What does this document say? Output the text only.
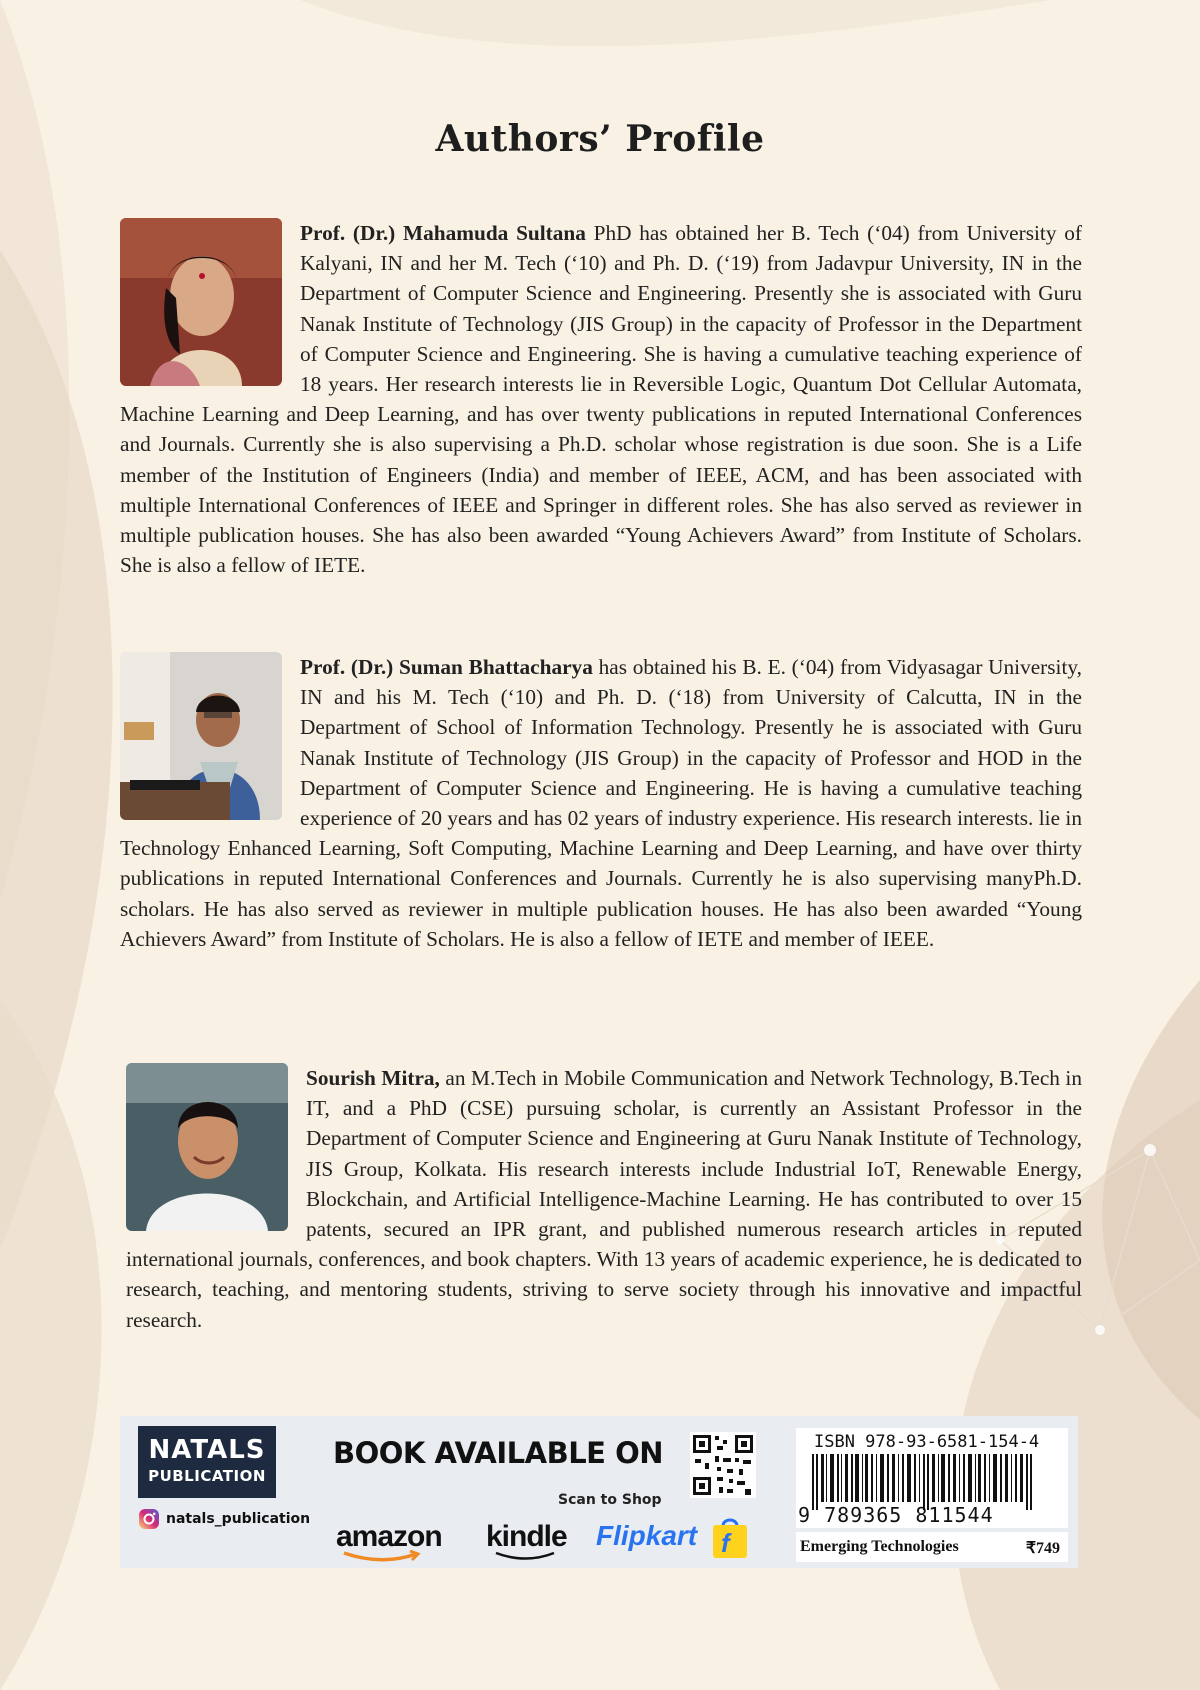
Authors’ Profile

Prof. (Dr.) Mahamuda Sultana PhD has obtained her B. Tech (‘04) from University of Kalyani, IN and her M. Tech (‘10) and Ph. D. (‘19) from Jadavpur University, IN in the Department of Computer Science and Engineering. Presently she is associated with Guru Nanak Institute of Technology (JIS Group) in the capacity of Professor in the Department of Computer Science and Engineering. She is having a cumulative teaching experience of 18 years. Her research interests lie in Reversible Logic, Quantum Dot Cellular Automata, Machine Learning and Deep Learning, and has over twenty publications in reputed International Conferences and Journals. Currently she is also supervising a Ph.D. scholar whose registration is due soon. She is a Life member of the Institution of Engineers (India) and member of IEEE, ACM, and has been associated with multiple International Conferences of IEEE and Springer in different roles. She has also served as reviewer in multiple publication houses. She has also been awarded “Young Achievers Award” from Institute of Scholars. She is also a fellow of IETE.

Prof. (Dr.) Suman Bhattacharya has obtained his B. E. (‘04) from Vidyasagar University, IN and his M. Tech (‘10) and Ph. D. (‘18) from University of Calcutta, IN in the Department of School of Information Technology. Presently he is associated with Guru Nanak Institute of Technology (JIS Group) in the capacity of Professor and HOD in the Department of Computer Science and Engineering. He is having a cumulative teaching experience of 20 years and has 02 years of industry experience. His research interests. lie in Technology Enhanced Learning, Soft Computing, Machine Learning and Deep Learning, and have over thirty publications in reputed International Conferences and Journals. Currently he is also supervising manyPh.D. scholars. He has also served as reviewer in multiple publication houses. He has also been awarded “Young Achievers Award” from Institute of Scholars. He is also a fellow of IETE and member of IEEE.

Sourish Mitra, an M.Tech in Mobile Communication and Network Technology, B.Tech in IT, and a PhD (CSE) pursuing scholar, is currently an Assistant Professor in the Department of Computer Science and Engineering at Guru Nanak Institute of Technology, JIS Group, Kolkata. His research interests include Industrial IoT, Renewable Energy, Blockchain, and Artificial Intelligence-Machine Learning. He has contributed to over 15 patents, secured an IPR grant, and published numerous research articles in reputed international journals, conferences, and book chapters. With 13 years of academic experience, he is dedicated to research, teaching, and mentoring students, striving to serve society through his innovative and impactful research.

NATALS
PUBLICATION
natals_publication
BOOK AVAILABLE ON
Scan to Shop
amazon kindle Flipkart f
ISBN 978-93-6581-154-4
9 789365 811544
Emerging Technologies	₹749
